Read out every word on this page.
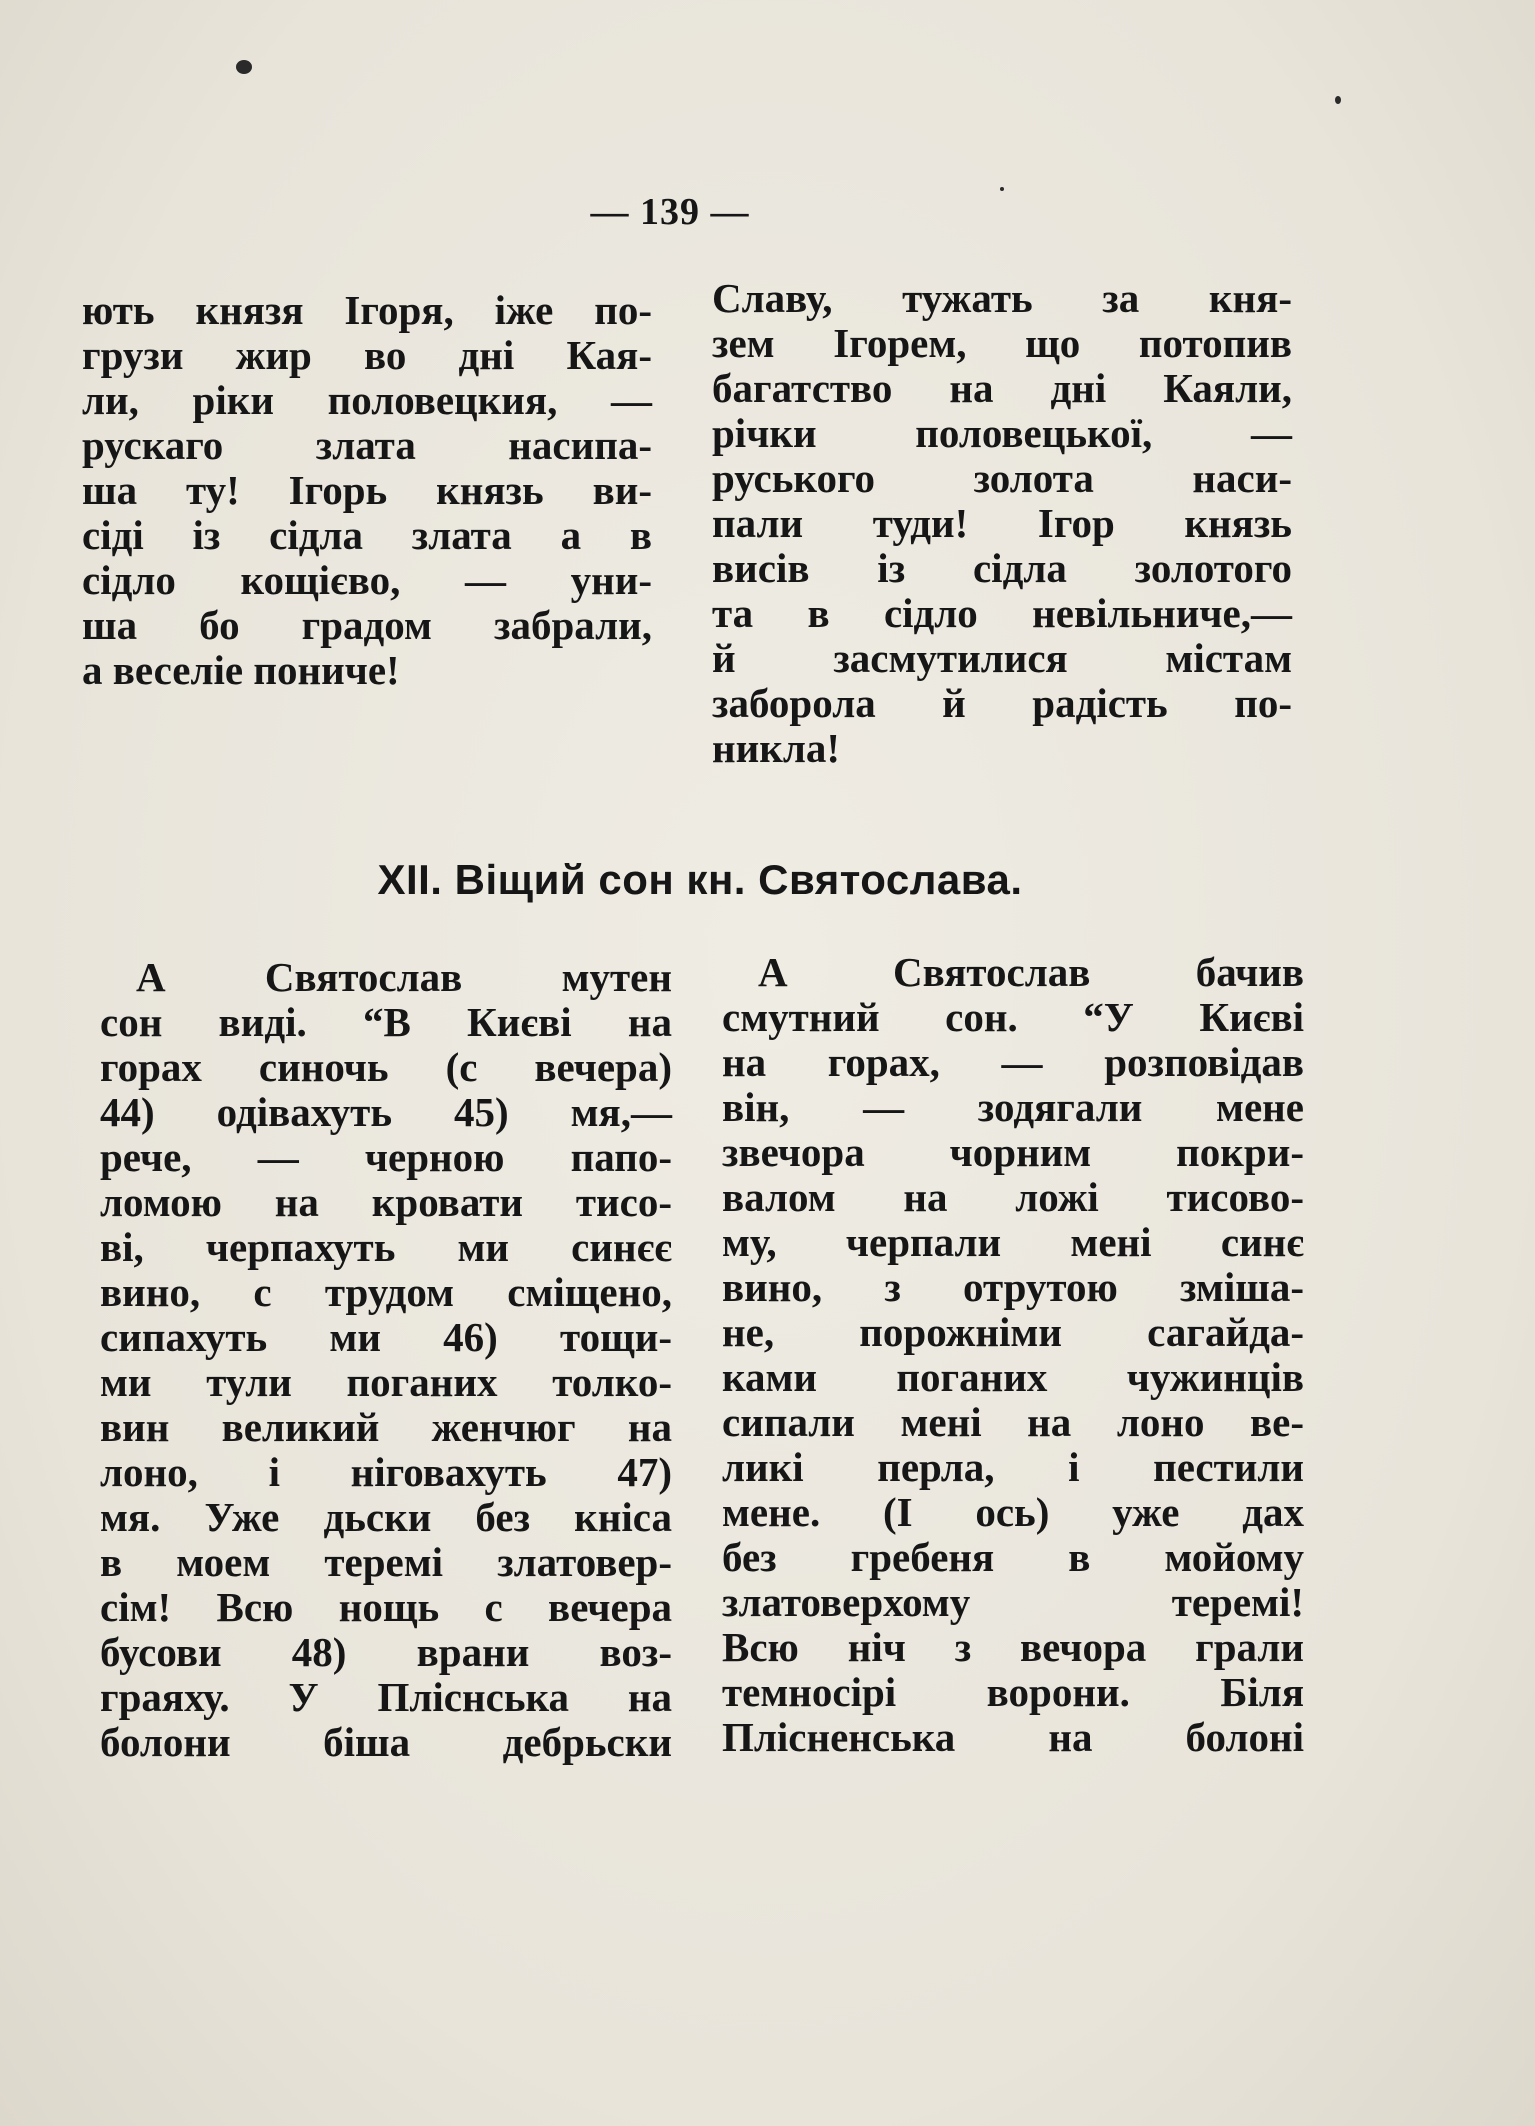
— 139 —
ють князя Ігоря, іже по-
грузи жир во дні Кая-
ли, ріки половецкия, —
рускаго злата насипа-
ша ту! Ігорь князь ви-
сіді із сідла злата а в
сідло кощієво, — уни-
ша бо градом забрали,
а веселіе пониче!
Славу, тужать за кня-
зем Ігорем, що потопив
багатство на дні Каяли,
річки половецької, —
руського золота наси-
пали туди! Ігор князь
висів із сідла золотого
та в сідло невільниче,—
й засмутилися містам
заборола й радість по-
никла!
XII. Віщий сон кн. Святослава.
А Святослав мутен
сон виді. “В Києві на
горах синочь (с вечера)
44) одівахуть 45) мя,—
рече, — черною папо-
ломою на кровати тисо-
ві, черпахуть ми синєє
вино, с трудом сміщено,
сипахуть ми 46) тощи-
ми тули поганих толко-
вин великий женчюг на
лоно, і ніговахуть 47)
мя. Уже дьски без кніса
в моем теремі златовер-
сім! Всю нощь с вечера
бусови 48) врани воз-
граяху. У Пліснська на
болони біша дебрьски
А Святослав бачив
смутний сон. “У Києві
на горах, — розповідав
він, — зодягали мене
звечора чорним покри-
валом на ложі тисово-
му, черпали мені синє
вино, з отрутою зміша-
не, порожніми сагайда-
ками поганих чужинців
сипали мені на лоно ве-
ликі перла, і пестили
мене. (І ось) уже дах
без гребеня в мойому
златоверхому теремі!
Всю ніч з вечора грали
темносірі ворони. Біля
Плісненська на болоні
